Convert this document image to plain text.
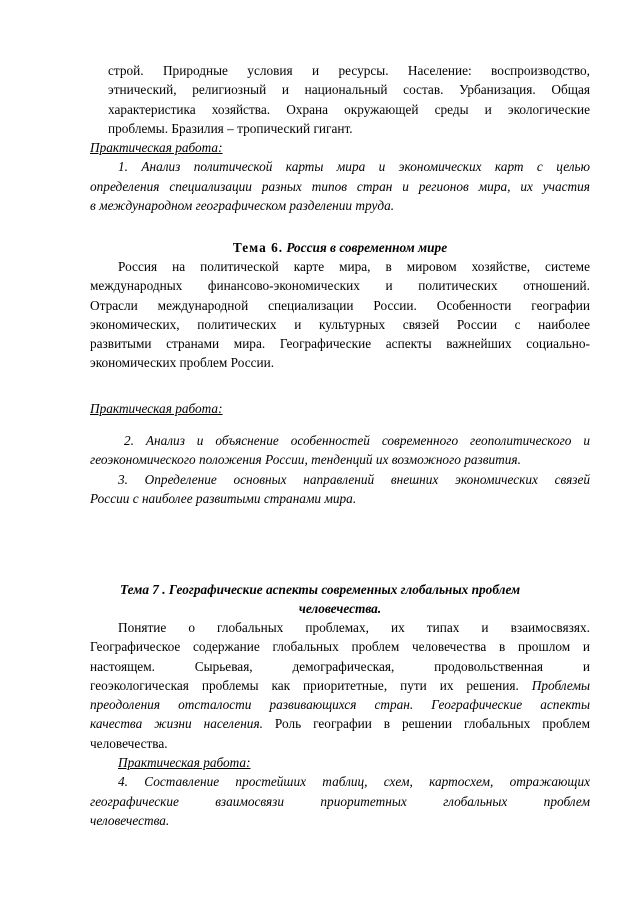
строй. Природные условия и ресурсы. Население: воспроизводство,
этнический, религиозный и национальный состав. Урбанизация. Общая
характеристика хозяйства. Охрана окружающей среды и экологические
проблемы. Бразилия – тропический гигант.
Практическая работа:
1. Анализ политической карты мира и экономических карт с целью
определения специализации разных типов стран и регионов мира, их участия
в международном географическом разделении труда.
Тема 6. Россия в современном мире
Россия на политической карте мира, в мировом хозяйстве, системе
международных финансово-экономических и политических отношений.
Отрасли международной специализации России. Особенности географии
экономических, политических и культурных связей России с наиболее
развитыми странами мира. Географические аспекты важнейших социально-
экономических проблем России.
Практическая работа:
2. Анализ и объяснение особенностей современного геополитического и
геоэкономического положения России, тенденций их возможного развития.
3. Определение основных направлений внешних экономических связей
России с наиболее развитыми странами мира.
Тема 7 . Географические аспекты современных глобальных проблем
человечества.
Понятие о глобальных проблемах, их типах и взаимосвязях.
Географическое содержание глобальных проблем человечества в прошлом и
настоящем. Сырьевая, демографическая, продовольственная и
геоэкологическая проблемы как приоритетные, пути их решения. Проблемы
преодоления отсталости развивающихся стран. Географические аспекты
качества жизни населения. Роль географии в решении глобальных проблем
человечества.
Практическая работа:
4. Составление простейших таблиц, схем, картосхем, отражающих
географические взаимосвязи приоритетных глобальных проблем
человечества.
